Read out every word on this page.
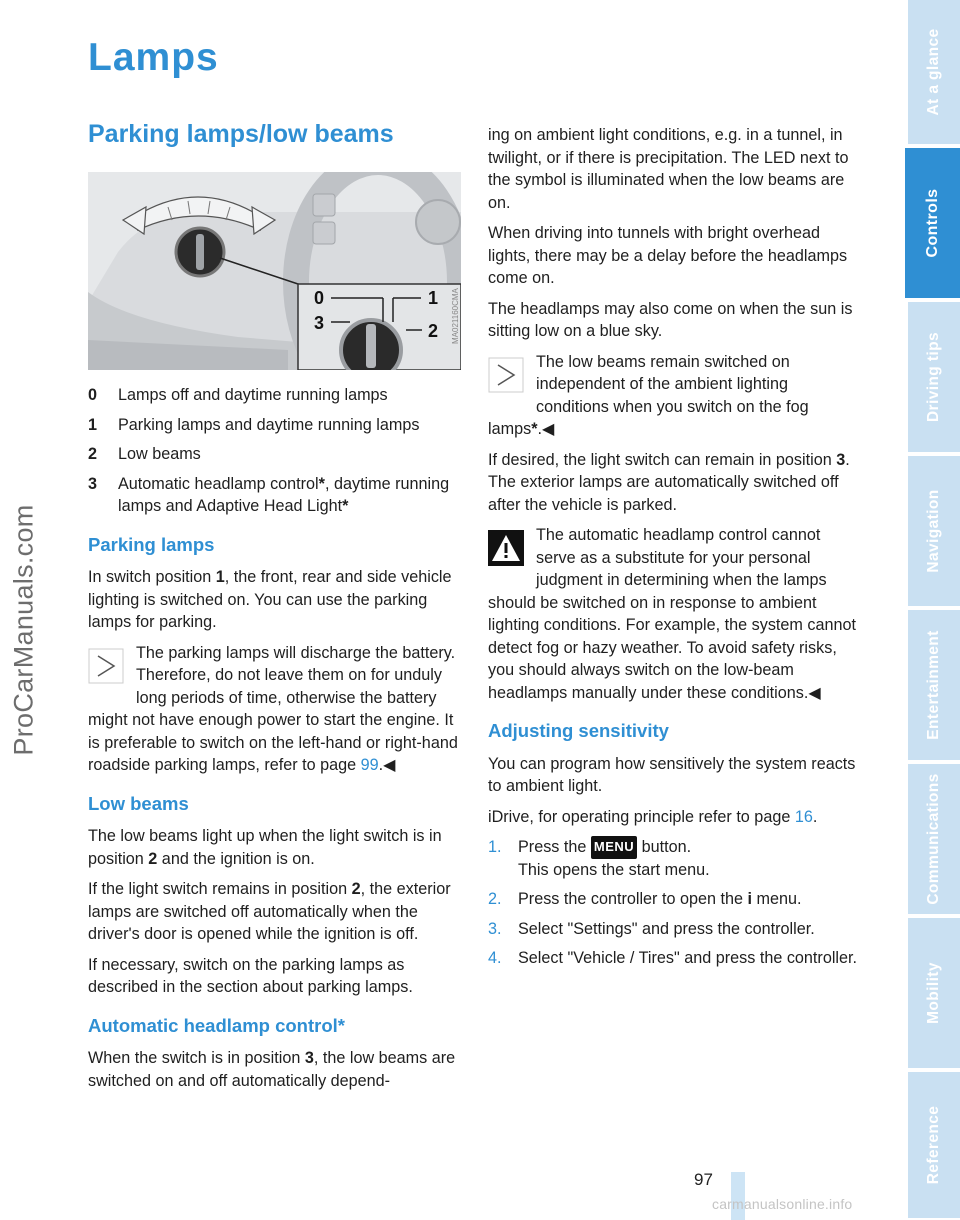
ProCarManuals.com
Lamps
Parking lamps/low beams
0	1
2
3	MA021160CMA
0	Lamps off and daytime running lamps
1	Parking lamps and daytime running lamps
2	Low beams
3	Automatic headlamp control*, daytime running lamps and Adaptive Head Light*
Parking lamps

In switch position 1, the front, rear and side vehicle lighting is switched on. You can use the parking lamps for parking.

The parking lamps will discharge the battery. Therefore, do not leave them on for unduly long periods of time, otherwise the battery might not have enough power to start the engine. It is preferable to switch on the left-hand or right-hand roadside parking lamps, refer to page 99.◀

Low beams

The low beams light up when the light switch is in position 2 and the ignition is on.

If the light switch remains in position 2, the exterior lamps are switched off automatically when the driver's door is opened while the ignition is off.

If necessary, switch on the parking lamps as described in the section about parking lamps.

Automatic headlamp control*

When the switch is in position 3, the low beams are switched on and off automatically depend-

ing on ambient light conditions, e.g. in a tunnel, in twilight, or if there is precipitation. The LED next to the symbol is illuminated when the low beams are on.

When driving into tunnels with bright overhead lights, there may be a delay before the headlamps come on.

The headlamps may also come on when the sun is sitting low on a blue sky.

The low beams remain switched on independent of the ambient lighting conditions when you switch on the fog lamps*.◀

If desired, the light switch can remain in position 3. The exterior lamps are automatically switched off after the vehicle is parked.

The automatic headlamp control cannot serve as a substitute for your personal judgment in determining when the lamps should be switched on in response to ambient lighting conditions. For example, the system cannot detect fog or hazy weather. To avoid safety risks, you should always switch on the low-beam headlamps manually under these conditions.◀

Adjusting sensitivity

You can program how sensitively the system reacts to ambient light.

iDrive, for operating principle refer to page 16.

1.	Press the MENU button.
This opens the start menu.
2.	Press the controller to open the i menu.
3.	Select "Settings" and press the controller.
4.	Select "Vehicle / Tires" and press the controller.
97
At a glance
Controls
Driving tips
Navigation
Entertainment
Communications
Mobility
Reference
carmanualsonline.info
